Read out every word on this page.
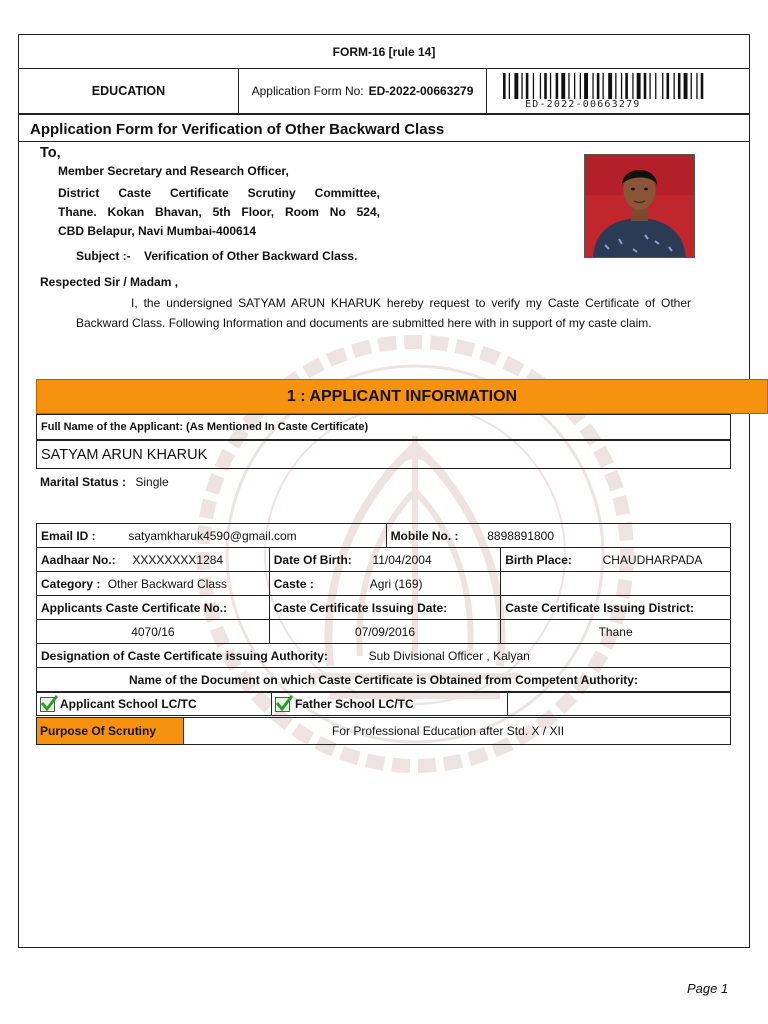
FORM-16 [rule 14]
EDUCATION	Application Form No: ED-2022-00663279
ED-2022-00663279
Application Form for Verification of Other Backward Class
To,
Member Secretary and Research Officer,
District Caste Certificate Scrutiny Committee,
Thane. Kokan Bhavan, 5th Floor, Room No 524,
CBD Belapur, Navi Mumbai-400614
Subject :- Verification of Other Backward Class.
Respected Sir / Madam ,
I, the undersigned SATYAM ARUN KHARUK hereby request to verify my Caste Certificate of Other Backward Class. Following Information and documents are submitted here with in support of my caste claim.
1 : APPLICANT INFORMATION
Full Name of the Applicant: (As Mentioned In Caste Certificate)
SATYAM ARUN KHARUK
Marital Status : Single
Email ID : satyamkharuk4590@gmail.com		Mobile No. : 8898891800	
Aadhaar No.: XXXXXXXX1284	Date Of Birth: 11/04/2004		Birth Place: CHAUDHARPADA
Category : Other Backward Class	Caste : Agri (169)		
Applicants Caste Certificate No.:	Caste Certificate Issuing Date:		Caste Certificate Issuing District:
4070/16	07/09/2016		Thane
Designation of Caste Certificate issuing Authority: Sub Divisional Officer , Kalyan			
Name of the Document on which Caste Certificate is Obtained from Competent Authority:			
Applicant School LC/TC	Father School LC/TC
Purpose Of Scrutiny	For Professional Education after Std. X / XII
Page 1
